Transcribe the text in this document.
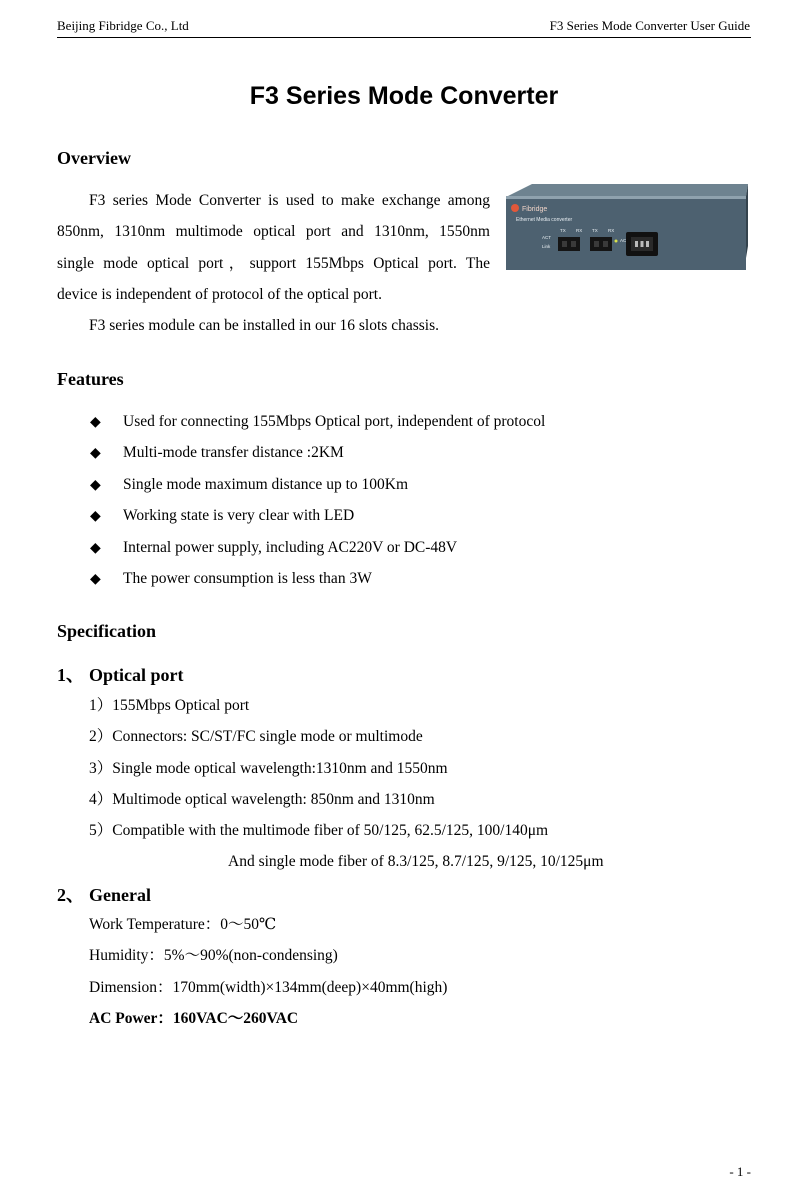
Beijing Fibridge Co., Ltd	F3 Series Mode Converter User Guide
F3 Series Mode Converter
Overview
F3 series Mode Converter is used to make exchange among
850nm, 1310nm multimode optical port and 1310nm, 1550nm
single mode optical port，support 155Mbps Optical port. The
device is independent of protocol of the optical port.
F3 series module can be installed in our 16 slots chassis.
Fibridge
Ethernet Media converter
ACT
Link
TX RX TX RX
AC
Features
◆ Used for connecting 155Mbps Optical port, independent of protocol
◆ Multi-mode transfer distance :2KM
◆ Single mode maximum distance up to 100Km
◆ Working state is very clear with LED
◆ Internal power supply, including AC220V or DC-48V
◆ The power consumption is less than 3W
Specification
1、 Optical port
1）155Mbps Optical port
2）Connectors: SC/ST/FC single mode or multimode
3）Single mode optical wavelength:1310nm and 1550nm
4）Multimode optical wavelength: 850nm and 1310nm
5）Compatible with the multimode fiber of 50/125, 62.5/125, 100/140μm
And single mode fiber of 8.3/125, 8.7/125, 9/125, 10/125μm
2、 General
Work Temperature：0～50℃
Humidity：5%～90%(non-condensing)
Dimension：170mm(width)×134mm(deep)×40mm(high)
AC Power：160VAC～260VAC
- 1 -
